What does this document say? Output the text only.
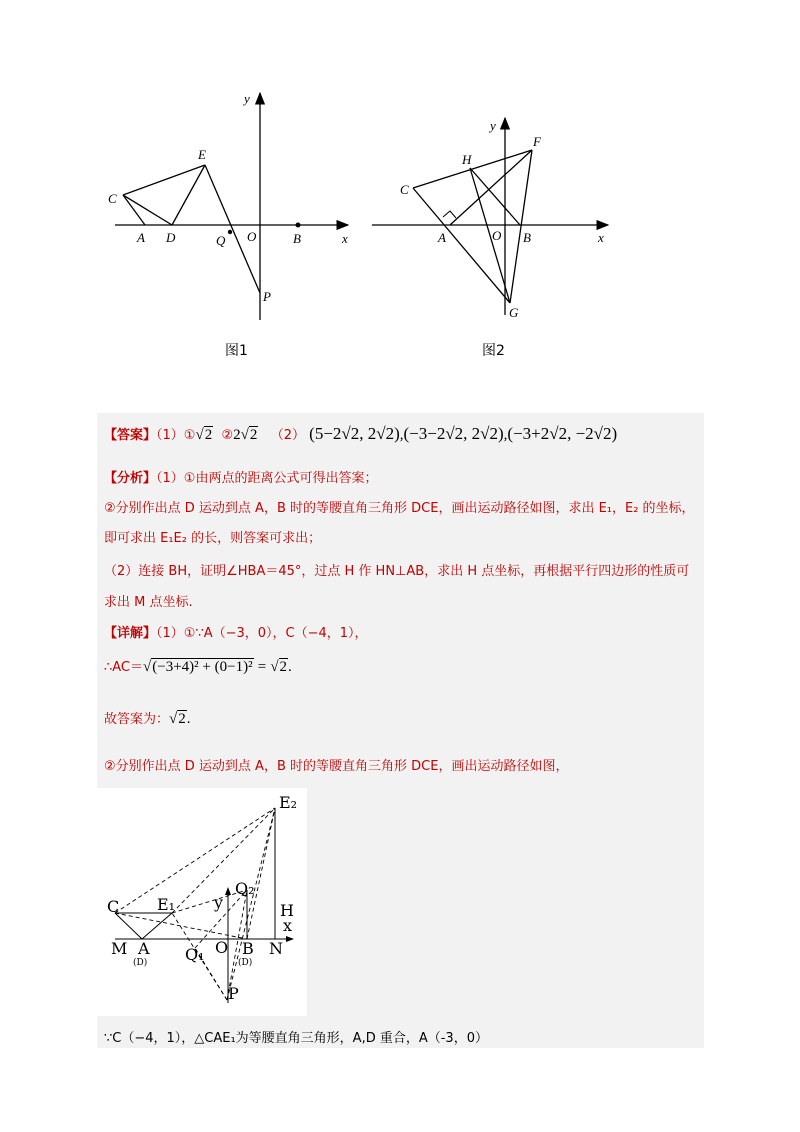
y
x
E
C
A D	Q O	B
P
图1
y
x
F
H
C
A	O B
G
图2
【答案】（1）①√2 ②2√2 （2） (5−2√2, 2√2),(−3−2√2, 2√2),(−3+2√2, −2√2)
【分析】（1）①由两点的距离公式可得出答案；
②分别作出点 D 运动到点 A，B 时的等腰直角三角形 DCE，画出运动路径如图，求出 E₁，E₂ 的坐标，
即可求出 E₁E₂ 的长，则答案可求出；
（2）连接 BH，证明∠HBA＝45°，过点 H 作 HN⊥AB，求出 H 点坐标，再根据平行四边形的性质可
求出 M 点坐标.
【详解】（1）①∵A（−3，0），C（−4，1），
∴AC＝√(−3+4)² + (0−1)² = √2.
故答案为：√2.
②分别作出点 D 运动到点 A，B 时的等腰直角三角形 DCE，画出运动路径如图，
E₂
C E₁
Q₂
y	H
x
M A
(D)
O B
(D)
N
Q₁
P
∵C（−4，1），△CAE₁为等腰直角三角形，A,D 重合，A（-3，0）
